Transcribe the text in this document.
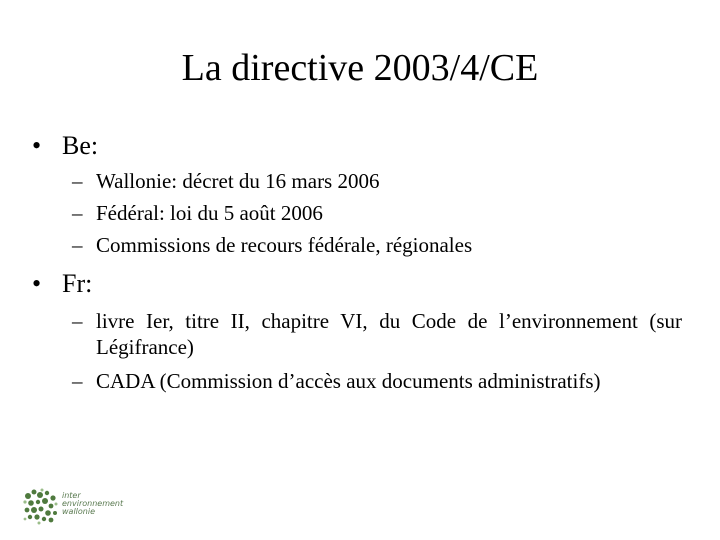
La directive 2003/4/CE
• Be:
– Wallonie: décret du 16 mars 2006
– Fédéral: loi du 5 août 2006
– Commissions de recours fédérale, régionales
• Fr:
– livre Ier, titre II, chapitre VI, du Code de l’environnement (sur Légifrance)
– CADA (Commission d’accès aux documents administratifs)
inter
environnement
wallonie
